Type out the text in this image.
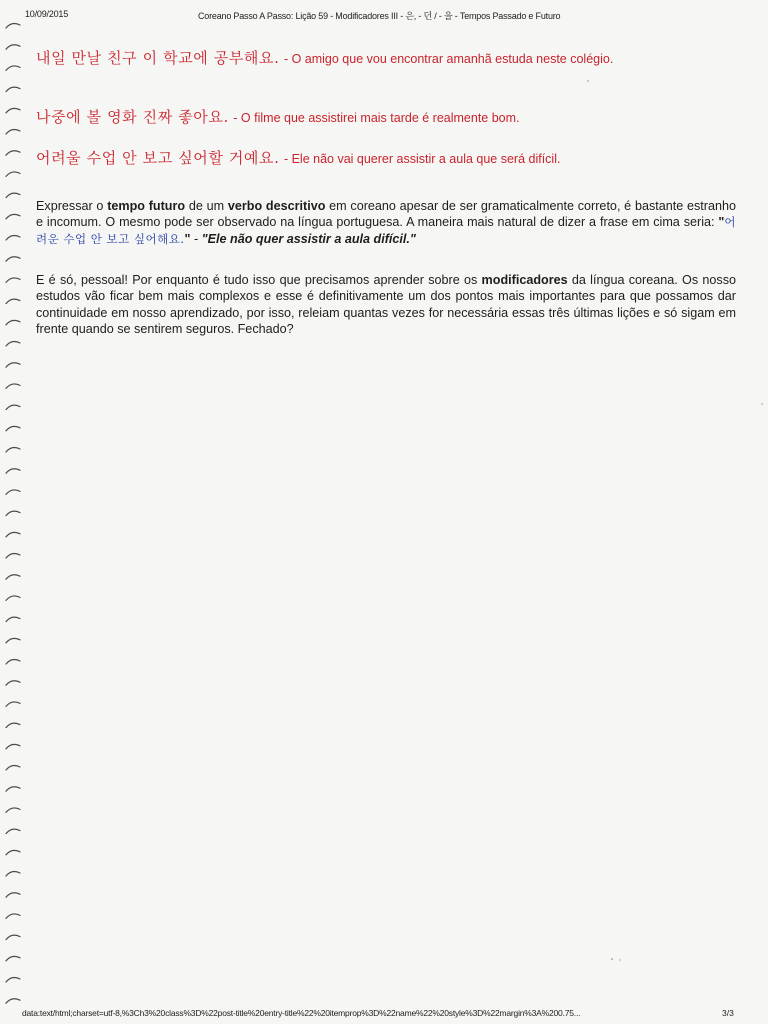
10/09/2015	Coreano Passo A Passo: Lição 59 - Modificadores III - 은, - 던 / - 을 - Tempos Passado e Futuro
내일 만날 친구 이 학교에 공부해요. - O amigo que vou encontrar amanhã estuda neste colégio.
나중에 볼 영화 진짜 좋아요. - O filme que assistirei mais tarde é realmente bom.
어려울 수업 안 보고 싶어할 거예요. - Ele não vai querer assistir a aula que será difícil.

Expressar o tempo futuro de um verbo descritivo em coreano apesar de ser gramaticalmente correto, é bastante estranho e incomum. O mesmo pode ser observado na língua portuguesa. A maneira mais natural de dizer a frase em cima seria: "어려운 수업 안 보고 싶어해요." - "Ele não quer assistir a aula difícil."

E é só, pessoal! Por enquanto é tudo isso que precisamos aprender sobre os modificadores da língua coreana. Os nosso estudos vão ficar bem mais complexos e esse é definitivamente um dos pontos mais importantes para que possamos dar continuidade em nosso aprendizado, por isso, releiam quantas vezes for necessária essas três últimas lições e só sigam em frente quando se sentirem seguros. Fechado?

data:text/html;charset=utf-8,%3Ch3%20class%3D%22post-title%20entry-title%22%20itemprop%3D%22name%22%20style%3D%22margin%3A%200.75...	3/3
